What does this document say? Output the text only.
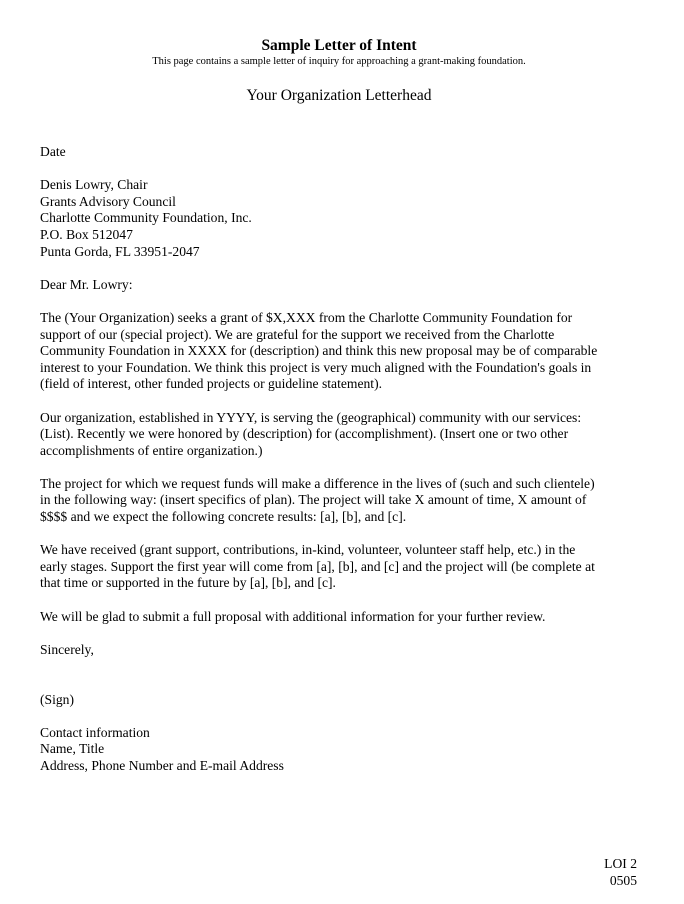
Sample Letter of Intent
This page contains a sample letter of inquiry for approaching a grant-making foundation.
Your Organization Letterhead

Date

Denis Lowry, Chair
Grants Advisory Council
Charlotte Community Foundation, Inc.
P.O. Box 512047
Punta Gorda, FL 33951-2047

Dear Mr. Lowry:

The (Your Organization) seeks a grant of $X,XXX from the Charlotte Community Foundation for
support of our (special project). We are grateful for the support we received from the Charlotte
Community Foundation in XXXX for (description) and think this new proposal may be of comparable
interest to your Foundation. We think this project is very much aligned with the Foundation's goals in
(field of interest, other funded projects or guideline statement).

Our organization, established in YYYY, is serving the (geographical) community with our services:
(List). Recently we were honored by (description) for (accomplishment). (Insert one or two other
accomplishments of entire organization.)

The project for which we request funds will make a difference in the lives of (such and such clientele)
in the following way: (insert specifics of plan). The project will take X amount of time, X amount of
$$$$ and we expect the following concrete results: [a], [b], and [c].

We have received (grant support, contributions, in-kind, volunteer, volunteer staff help, etc.) in the
early stages. Support the first year will come from [a], [b], and [c] and the project will (be complete at
that time or supported in the future by [a], [b], and [c].

We will be glad to submit a full proposal with additional information for your further review.

Sincerely,

(Sign)

Contact information
Name, Title
Address, Phone Number and E-mail Address

LOI 2
0505
